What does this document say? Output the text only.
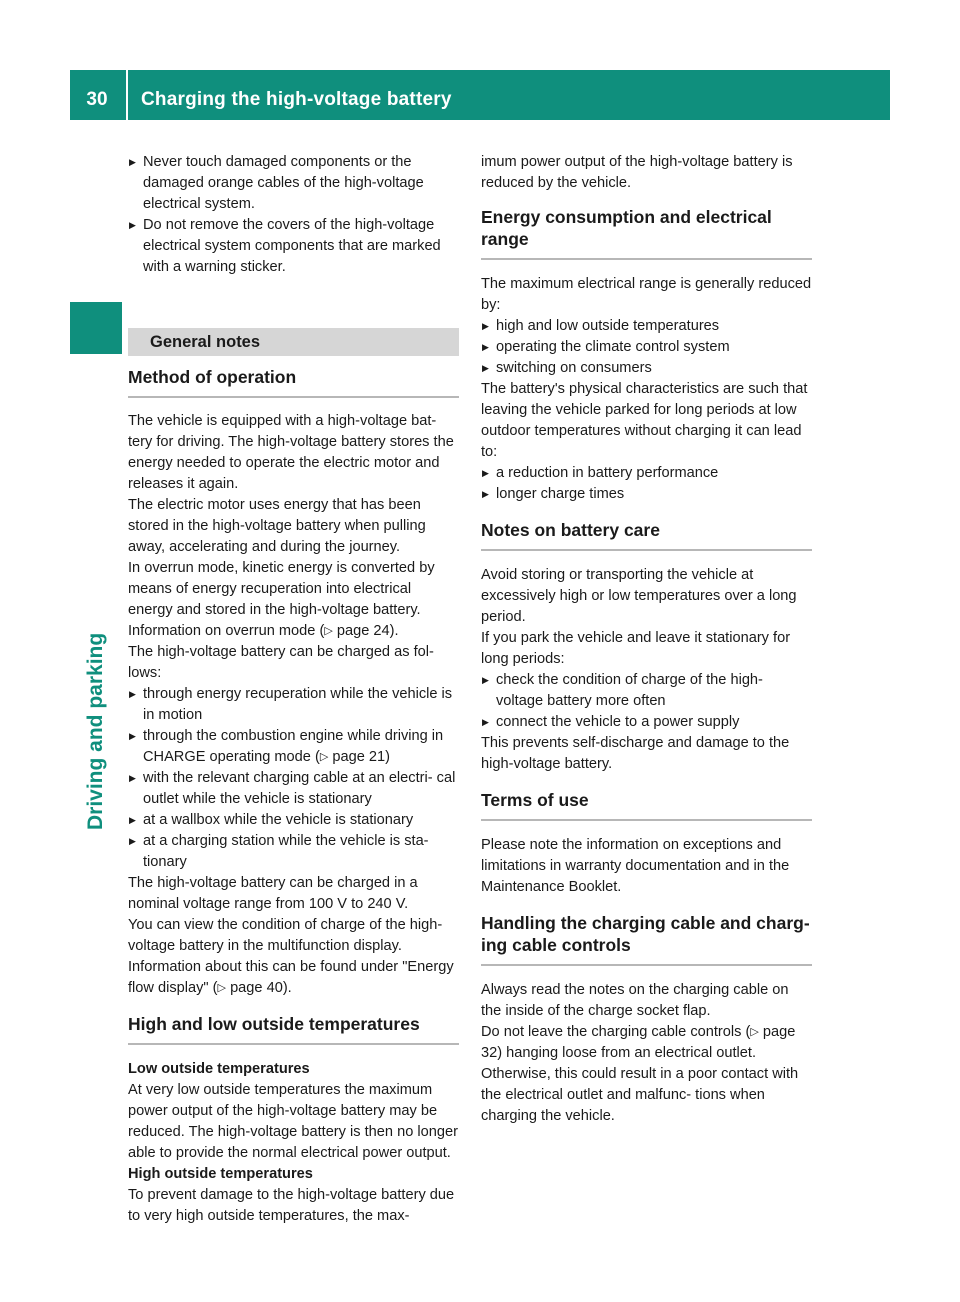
30	Charging the high-voltage battery
Driving and parking
▶ Never touch damaged components or the damaged orange cables of the high-voltage electrical system.
▶ Do not remove the covers of the high-voltage electrical system components that are marked with a warning sticker.
General notes
Method of operation

The vehicle is equipped with a high-voltage bat- tery for driving. The high-voltage battery stores the energy needed to operate the electric motor and releases it again.

The electric motor uses energy that has been stored in the high-voltage battery when pulling away, accelerating and during the journey.

In overrun mode, kinetic energy is converted by means of energy recuperation into electrical energy and stored in the high-voltage battery. Information on overrun mode (▷ page 24).

The high-voltage battery can be charged as fol- lows:

▶ through energy recuperation while the vehicle is in motion
▶ through the combustion engine while driving in CHARGE operating mode (▷ page 21)
▶ with the relevant charging cable at an electri- cal outlet while the vehicle is stationary
▶ at a wallbox while the vehicle is stationary
▶ at a charging station while the vehicle is sta- tionary

The high-voltage battery can be charged in a nominal voltage range from 100 V to 240 V.

You can view the condition of charge of the high- voltage battery in the multifunction display. Information about this can be found under "Energy flow display" (▷ page 40).

High and low outside temperatures

Low outside temperatures

At very low outside temperatures the maximum power output of the high-voltage battery may be reduced. The high-voltage battery is then no longer able to provide the normal electrical power output.

High outside temperatures

To prevent damage to the high-voltage battery due to very high outside temperatures, the max-

imum power output of the high-voltage battery is reduced by the vehicle.

Energy consumption and electrical range

The maximum electrical range is generally reduced by:

▶ high and low outside temperatures
▶ operating the climate control system
▶ switching on consumers

The battery's physical characteristics are such that leaving the vehicle parked for long periods at low outdoor temperatures without charging it can lead to:

▶ a reduction in battery performance
▶ longer charge times
Notes on battery care

Avoid storing or transporting the vehicle at excessively high or low temperatures over a long period.

If you park the vehicle and leave it stationary for long periods:

▶ check the condition of charge of the high- voltage battery more often
▶ connect the vehicle to a power supply

This prevents self-discharge and damage to the high-voltage battery.

Terms of use

Please note the information on exceptions and limitations in warranty documentation and in the Maintenance Booklet.

Handling the charging cable and charg- ing cable controls

Always read the notes on the charging cable on the inside of the charge socket flap.

Do not leave the charging cable controls (▷ page 32) hanging loose from an electrical outlet. Otherwise, this could result in a poor contact with the electrical outlet and malfunc- tions when charging the vehicle.
